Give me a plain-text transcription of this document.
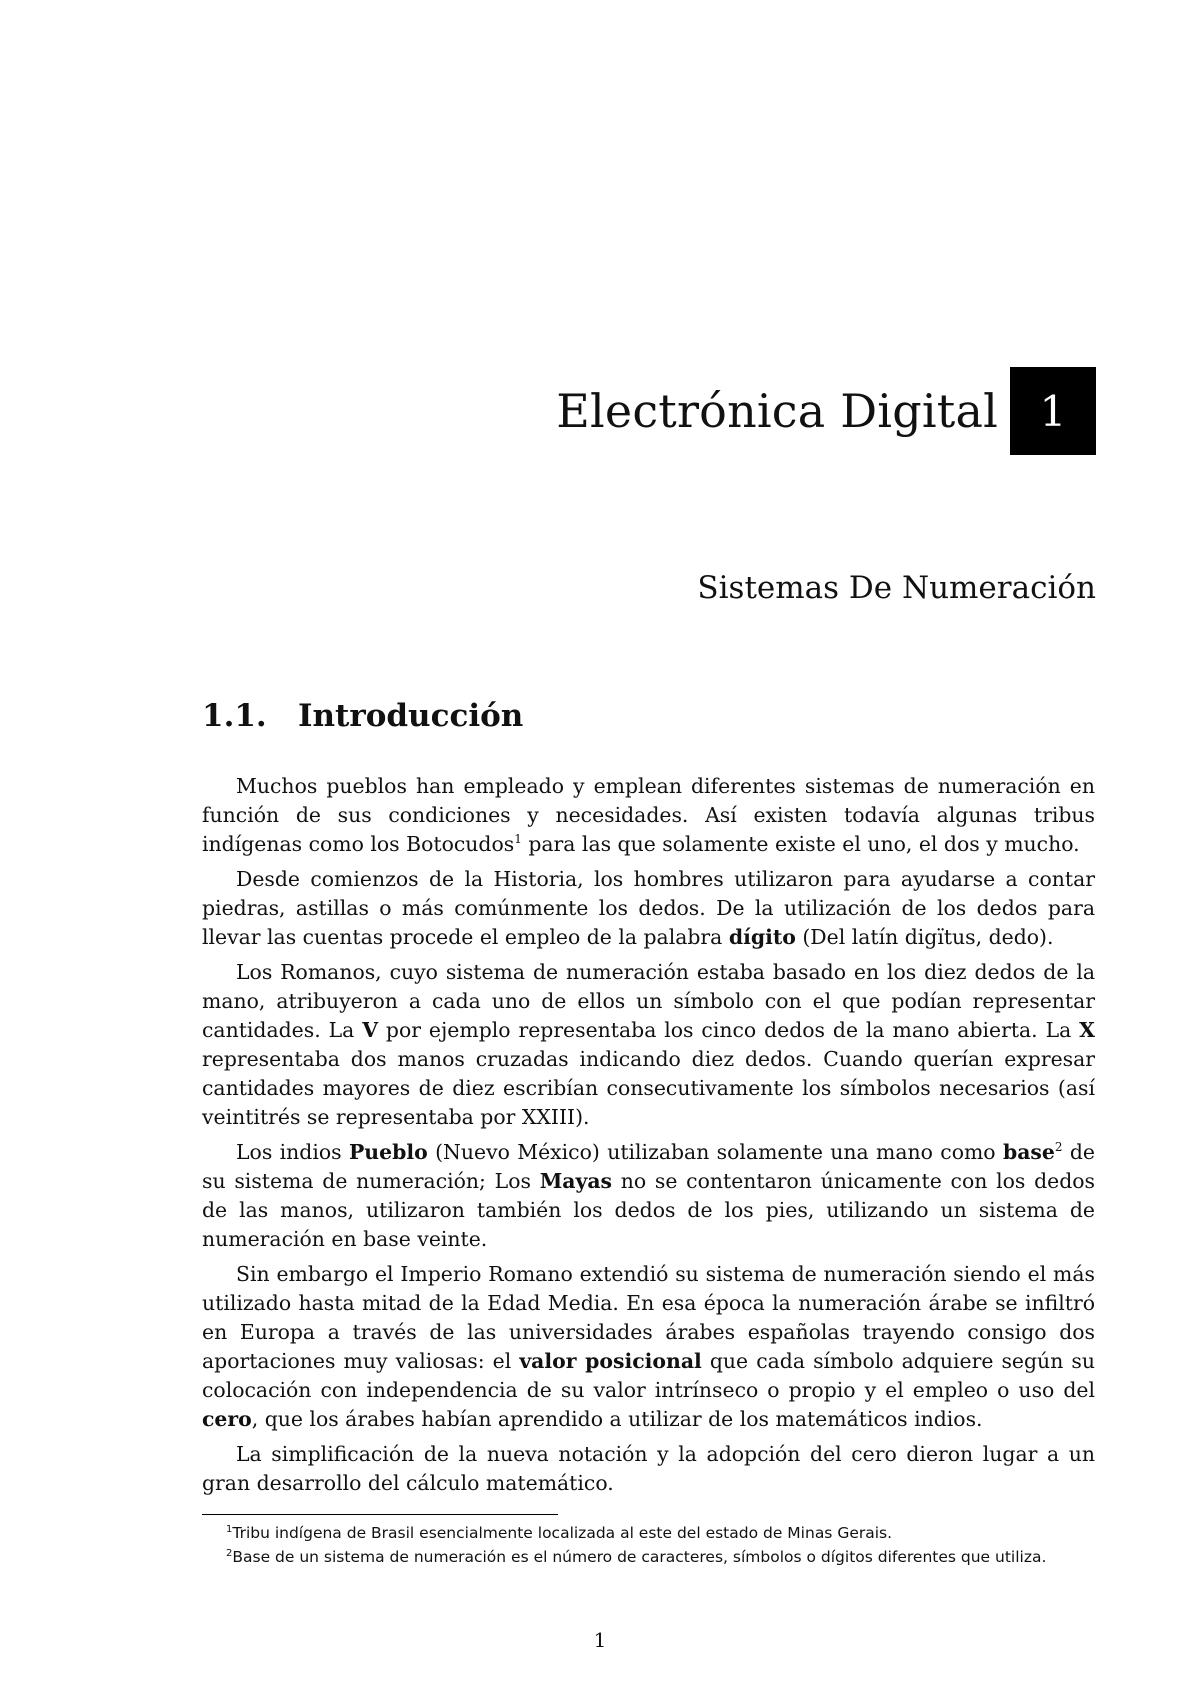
Electrónica Digital 1
Sistemas De Numeración
1.1.	Introducción

Muchos pueblos han empleado y emplean diferentes sistemas de numeración en función de sus condiciones y necesidades. Así existen todavía algunas tribus indígenas como los Botocudos$^1$ para las que solamente existe el uno, el dos y mucho.

Desde comienzos de la Historia, los hombres utilizaron para ayudarse a contar piedras, astillas o más comúnmente los dedos. De la utilización de los dedos para llevar las cuentas procede el empleo de la palabra dígito (Del latín digïtus, dedo).

Los Romanos, cuyo sistema de numeración estaba basado en los diez dedos de la mano, atribuyeron a cada uno de ellos un símbolo con el que podían representar cantidades. La V por ejemplo representaba los cinco dedos de la mano abierta. La X representaba dos manos cruzadas indicando diez dedos. Cuando querían expresar cantidades mayores de diez escribían consecutivamente los símbolos necesarios (así veintitrés se representaba por XXIII).

Los indios Pueblo (Nuevo México) utilizaban solamente una mano como base$^2$ de su sistema de numeración; Los Mayas no se contentaron únicamente con los dedos de las manos, utilizaron también los dedos de los pies, utilizando un sistema de numeración en base veinte.

Sin embargo el Imperio Romano extendió su sistema de numeración siendo el más utilizado hasta mitad de la Edad Media. En esa época la numeración árabe se infiltró en Europa a través de las universidades árabes españolas trayendo consigo dos aportaciones muy valiosas: el valor posicional que cada símbolo adquiere según su colocación con independencia de su valor intrínseco o propio y el empleo o uso del cero, que los árabes habían aprendido a utilizar de los matemáticos indios.

La simplificación de la nueva notación y la adopción del cero dieron lugar a un gran desarrollo del cálculo matemático.

$^1$Tribu indígena de Brasil esencialmente localizada al este del estado de Minas Gerais.

$^2$Base de un sistema de numeración es el número de caracteres, símbolos o dígitos diferentes que utiliza.

1
